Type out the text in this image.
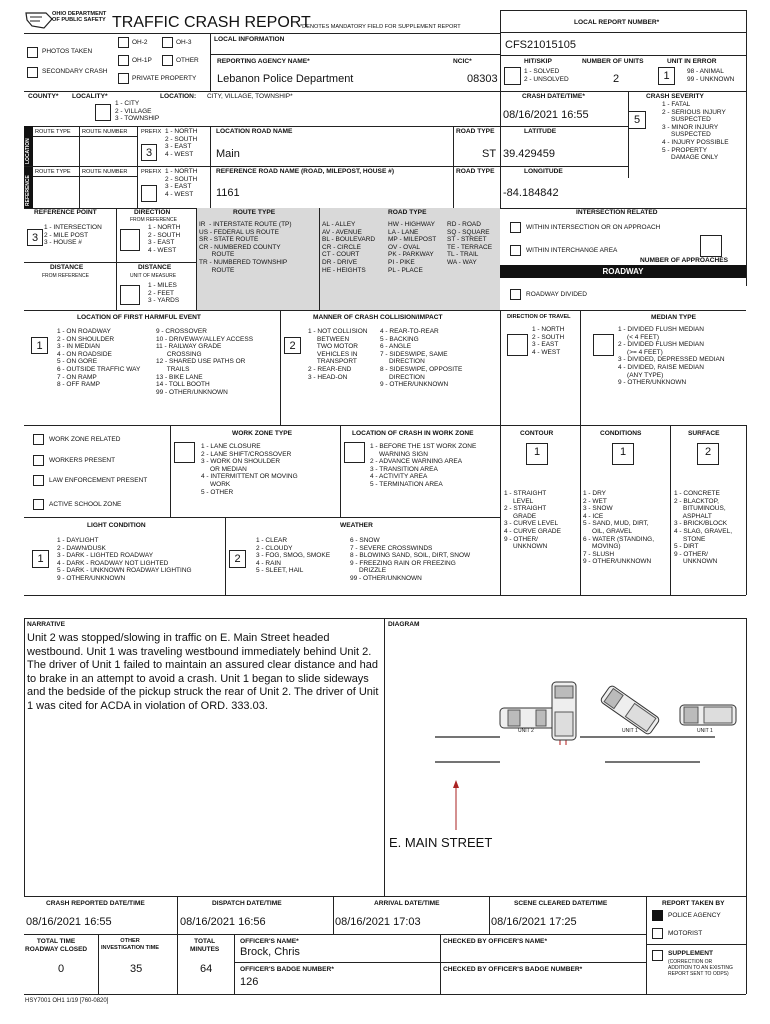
OHIO DEPARTMENT
OF PUBLIC SAFETY TRAFFIC CRASH REPORT
*DENOTES MANDATORY FIELD FOR SUPPLEMENT REPORT
PHOTOS TAKEN
SECONDARY CRASH
OH-2	OH-3
OH-1P	OTHER
PRIVATE PROPERTY
LOCAL INFORMATION
REPORTING AGENCY NAME*
Lebanon Police Department
NCIC*
08303
LOCAL REPORT NUMBER*
CFS21015105
HIT/SKIP
1 - SOLVED
2 - UNSOLVED
NUMBER OF UNITS
2
UNIT IN ERROR
1	98 - ANIMAL
99 - UNKNOWN
COUNTY* LOCALITY*
1 - CITY
2 - VILLAGE
3 - TOWNSHIP
LOCATION: CITY, VILLAGE, TOWNSHIP*	CRASH DATE/TIME*
08/16/2021 16:55
CRASH SEVERITY
5
1 - FATAL
2 - SERIOUS INJURY
SUSPECTED
3 - MINOR INJURY
SUSPECTED
4 - INJURY POSSIBLE
5 - PROPERTY
DAMAGE ONLY
LOCATION
REFERENCE
ROUTE TYPE ROUTE NUMBER PREFIX
3
1 - NORTH
2 - SOUTH
3 - EAST
4 - WEST
LOCATION ROAD NAME
Main
ROAD TYPE
ST
LATITUDE
39.429459
ROUTE TYPE ROUTE NUMBER PREFIX 1 - NORTH
2 - SOUTH
3 - EAST
4 - WEST
REFERENCE ROAD NAME (ROAD, MILEPOST, HOUSE #)
1161
ROAD TYPE	LONGITUDE
-84.184842
REFERENCE POINT
3
1 - INTERSECTION
2 - MILE POST
3 - HOUSE #
DIRECTION
FROM REFERENCE
1 - NORTH
2 - SOUTH
3 - EAST
4 - WEST
DISTANCE
FROM REFERENCE
DISTANCE
UNIT OF MEASURE
1 - MILES
2 - FEET
3 - YARDS
ROUTE TYPE
IR  - INTERSTATE ROUTE (TP)
US - FEDERAL US ROUTE
SR - STATE ROUTE
CR - NUMBERED COUNTY
ROUTE
TR - NUMBERED TOWNSHIP
ROUTE
ROAD TYPE
AL - ALLEY
AV - AVENUE
BL - BOULEVARD
CR - CIRCLE
CT - COURT
DR - DRIVE
HE - HEIGHTS
HW - HIGHWAY
LA - LANE
MP - MILEPOST
OV - OVAL
PK - PARKWAY
PI - PIKE
PL - PLACE
RD - ROAD
SQ - SQUARE
ST - STREET
TE - TERRACE
TL - TRAIL
WA - WAY
INTERSECTION RELATED
WITHIN INTERSECTION OR ON APPROACH
WITHIN INTERCHANGE AREA
NUMBER OF APPROACHES
ROADWAY
ROADWAY DIVIDED
LOCATION OF FIRST HARMFUL EVENT
1
1 - ON ROADWAY
2 - ON SHOULDER
3 - IN MEDIAN
4 - ON ROADSIDE
5 - ON GORE
6 - OUTSIDE TRAFFIC WAY
7 - ON RAMP
8 - OFF RAMP
9 - CROSSOVER
10 - DRIVEWAY/ALLEY ACCESS
11 - RAILWAY GRADE
CROSSING
12 - SHARED USE PATHS OR
TRAILS
13 - BIKE LANE
14 - TOLL BOOTH
99 - OTHER/UNKNOWN
MANNER OF CRASH COLLISION/IMPACT
2
1 - NOT COLLISION
BETWEEN
TWO MOTOR
VEHICLES IN
TRANSPORT
2 - REAR-END
3 - HEAD-ON
4 - REAR-TO-REAR
5 - BACKING
6 - ANGLE
7 - SIDESWIPE, SAME
DIRECTION
8 - SIDESWIPE, OPPOSITE
DIRECTION
9 - OTHER/UNKNOWN
DIRECTION OF TRAVEL
1 - NORTH
2 - SOUTH
3 - EAST
4 - WEST
MEDIAN TYPE
1 - DIVIDED FLUSH MEDIAN
(< 4 FEET)
2 - DIVIDED FLUSH MEDIAN
(>= 4 FEET)
3 - DIVIDED, DEPRESSED MEDIAN
4 - DIVIDED, RAISE MEDIAN
(ANY TYPE)
9 - OTHER/UNKNOWN
WORK ZONE RELATED
WORKERS PRESENT
LAW ENFORCEMENT PRESENT
ACTIVE SCHOOL ZONE
WORK ZONE TYPE
1 - LANE CLOSURE
2 - LANE SHIFT/CROSSOVER
3 - WORK ON SHOULDER
OR MEDIAN
4 - INTERMITTENT OR MOVING
WORK
5 - OTHER
LOCATION OF CRASH IN WORK ZONE
1 - BEFORE THE 1ST WORK ZONE
WARNING SIGN
2 - ADVANCE WARNING AREA
3 - TRANSITION AREA
4 - ACTIVITY AREA
5 - TERMINATION AREA
CONTOUR
1
1 - STRAIGHT
LEVEL
2 - STRAIGHT
GRADE
3 - CURVE LEVEL
4 - CURVE GRADE
9 - OTHER/
UNKNOWN
CONDITIONS
1
1 - DRY
2 - WET
3 - SNOW
4 - ICE
5 - SAND, MUD, DIRT,
OIL, GRAVEL
6 - WATER (STANDING,
MOVING)
7 - SLUSH
9 - OTHER/UNKNOWN
SURFACE
2
1 - CONCRETE
2 - BLACKTOP,
BITUMINOUS,
ASPHALT
3 - BRICK/BLOCK
4 - SLAG, GRAVEL,
STONE
5 - DIRT
9 - OTHER/
UNKNOWN
LIGHT CONDITION
1
1 - DAYLIGHT
2 - DAWN/DUSK
3 - DARK - LIGHTED ROADWAY
4 - DARK - ROADWAY NOT LIGHTED
5 - DARK - UNKNOWN ROADWAY LIGHTING
9 - OTHER/UNKNOWN
WEATHER
2
1 - CLEAR
2 - CLOUDY
3 - FOG, SMOG, SMOKE
4 - RAIN
5 - SLEET, HAIL
6 - SNOW
7 - SEVERE CROSSWINDS
8 - BLOWING SAND, SOIL, DIRT, SNOW
9 - FREEZING RAIN OR FREEZING
DRIZZLE
99 - OTHER/UNKNOWN
NARRATIVE
Unit 2 was stopped/slowing in traffic on E. Main Street headed westbound. Unit 1 was traveling westbound immediately behind Unit 2. The driver of Unit 1 failed to maintain an assured clear distance and had to brake in an attempt to avoid a crash. Unit 1 began to slide sideways and the bedside of the pickup struck the rear of Unit 2. The driver of Unit 1 was cited for ACDA in violation of ORD. 333.03.
DIAGRAM
UNIT 2	UNIT 1	UNIT 1
E. MAIN STREET
CRASH REPORTED DATE/TIME
08/16/2021 16:55
DISPATCH DATE/TIME
08/16/2021 16:56
ARRIVAL DATE/TIME
08/16/2021 17:03
SCENE CLEARED DATE/TIME
08/16/2021 17:25
REPORT TAKEN BY
POLICE AGENCY
MOTORIST
TOTAL TIME
ROADWAY CLOSED
0
OTHER
INVESTIGATION TIME
35
TOTAL
MINUTES
64
OFFICER'S NAME*
Brock, Chris
CHECKED BY OFFICER'S NAME*
OFFICER'S BADGE NUMBER*
126
CHECKED BY OFFICER'S BADGE NUMBER*
SUPPLEMENT
(CORRECTION OR
ADDITION TO AN EXISTING
REPORT SENT TO ODPS)
HSY7001 OH1 1/19 [760-0820]
